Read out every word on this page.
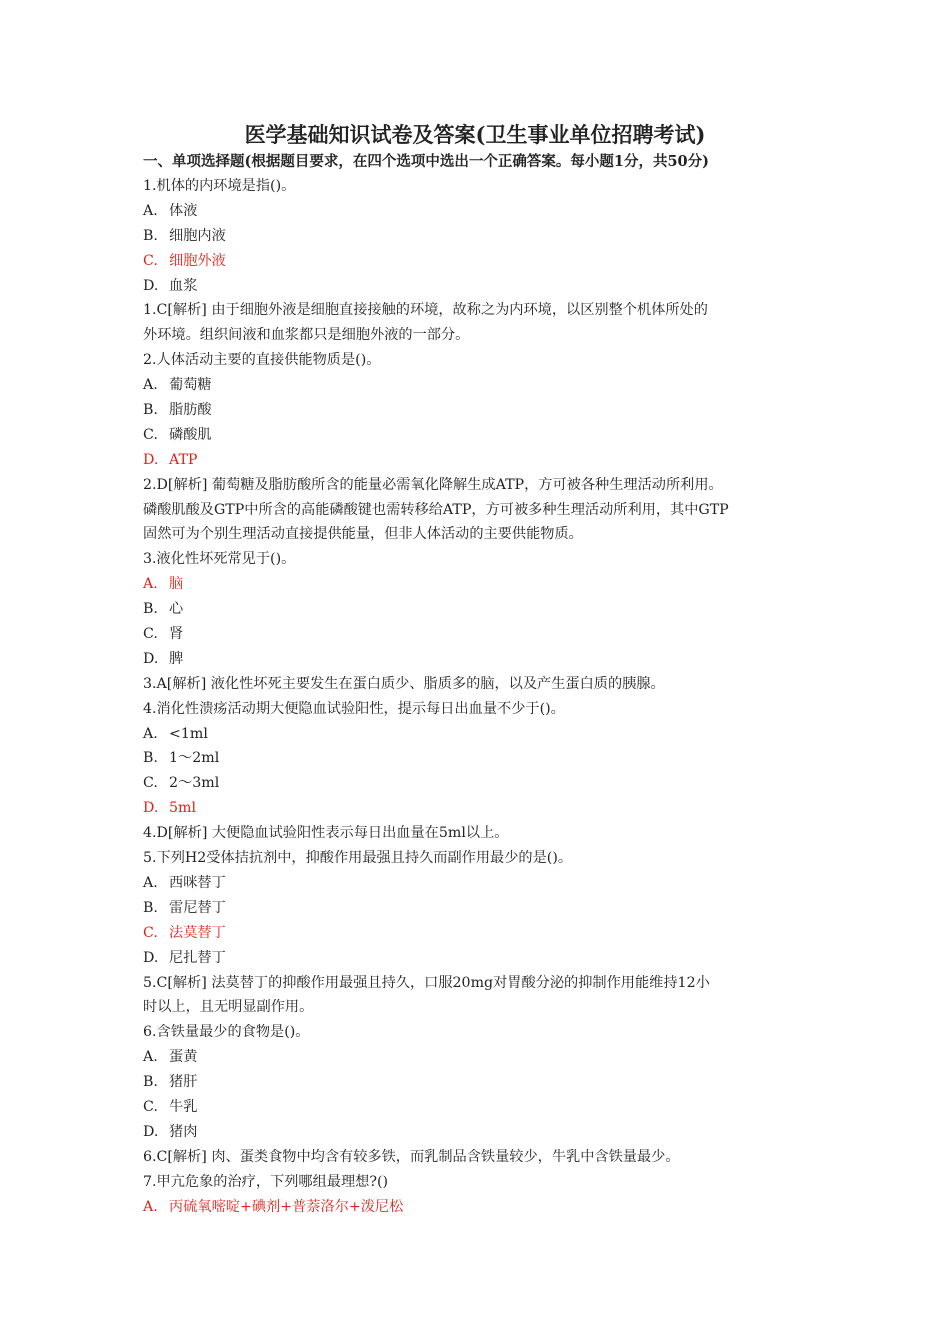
医学基础知识试卷及答案(卫生事业单位招聘考试)
一、单项选择题(根据题目要求，在四个选项中选出一个正确答案。每小题1分，共50分)
1.机体的内环境是指()。
A. 体液
B. 细胞内液
C. 细胞外液
D. 血浆
1.C[解析] 由于细胞外液是细胞直接接触的环境，故称之为内环境，以区别整个机体所处的
外环境。组织间液和血浆都只是细胞外液的一部分。
2.人体活动主要的直接供能物质是()。
A. 葡萄糖
B. 脂肪酸
C. 磷酸肌
D. ATP
2.D[解析] 葡萄糖及脂肪酸所含的能量必需氧化降解生成ATP，方可被各种生理活动所利用。
磷酸肌酸及GTP中所含的高能磷酸键也需转移给ATP，方可被多种生理活动所利用，其中GTP
固然可为个别生理活动直接提供能量，但非人体活动的主要供能物质。
3.液化性坏死常见于()。
A. 脑
B. 心
C. 肾
D. 脾
3.A[解析] 液化性坏死主要发生在蛋白质少、脂质多的脑，以及产生蛋白质的胰腺。
4.消化性溃疡活动期大便隐血试验阳性，提示每日出血量不少于()。
A. <1ml
B. 1～2ml
C. 2～3ml
D. 5ml
4.D[解析] 大便隐血试验阳性表示每日出血量在5ml以上。
5.下列H2受体拮抗剂中，抑酸作用最强且持久而副作用最少的是()。
A. 西咪替丁
B. 雷尼替丁
C. 法莫替丁
D. 尼扎替丁
5.C[解析] 法莫替丁的抑酸作用最强且持久，口服20mg对胃酸分泌的抑制作用能维持12小
时以上，且无明显副作用。
6.含铁量最少的食物是()。
A. 蛋黄
B. 猪肝
C. 牛乳
D. 猪肉
6.C[解析] 肉、蛋类食物中均含有较多铁，而乳制品含铁量较少，牛乳中含铁量最少。
7.甲亢危象的治疗，下列哪组最理想?()
A. 丙硫氧嘧啶+碘剂+普萘洛尔+泼尼松
